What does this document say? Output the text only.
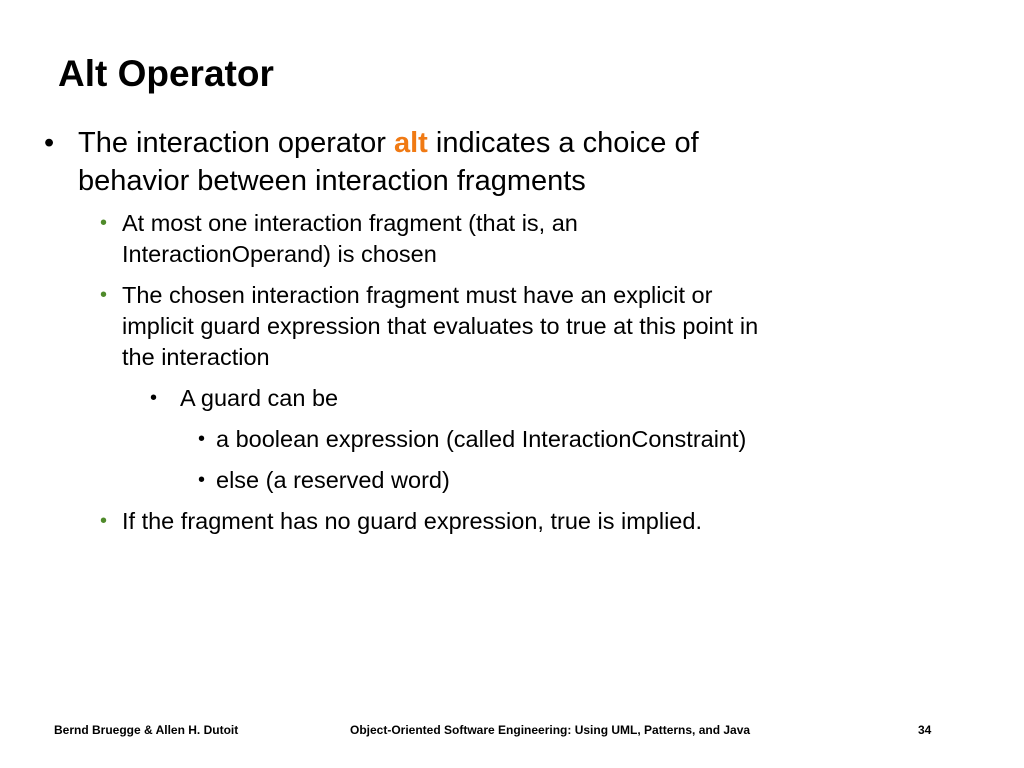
Alt Operator
• The interaction operator alt indicates a choice of
behavior between interaction fragments
• At most one interaction fragment (that is, an
InteractionOperand) is chosen
• The chosen interaction fragment must have an explicit or
implicit guard expression that evaluates to true at this point in
the interaction
• A guard can be
• a boolean expression (called InteractionConstraint)
• else (a reserved word)
• If the fragment has no guard expression, true is implied.
Bernd Bruegge & Allen H. Dutoit	Object-Oriented Software Engineering: Using UML, Patterns, and Java	34
